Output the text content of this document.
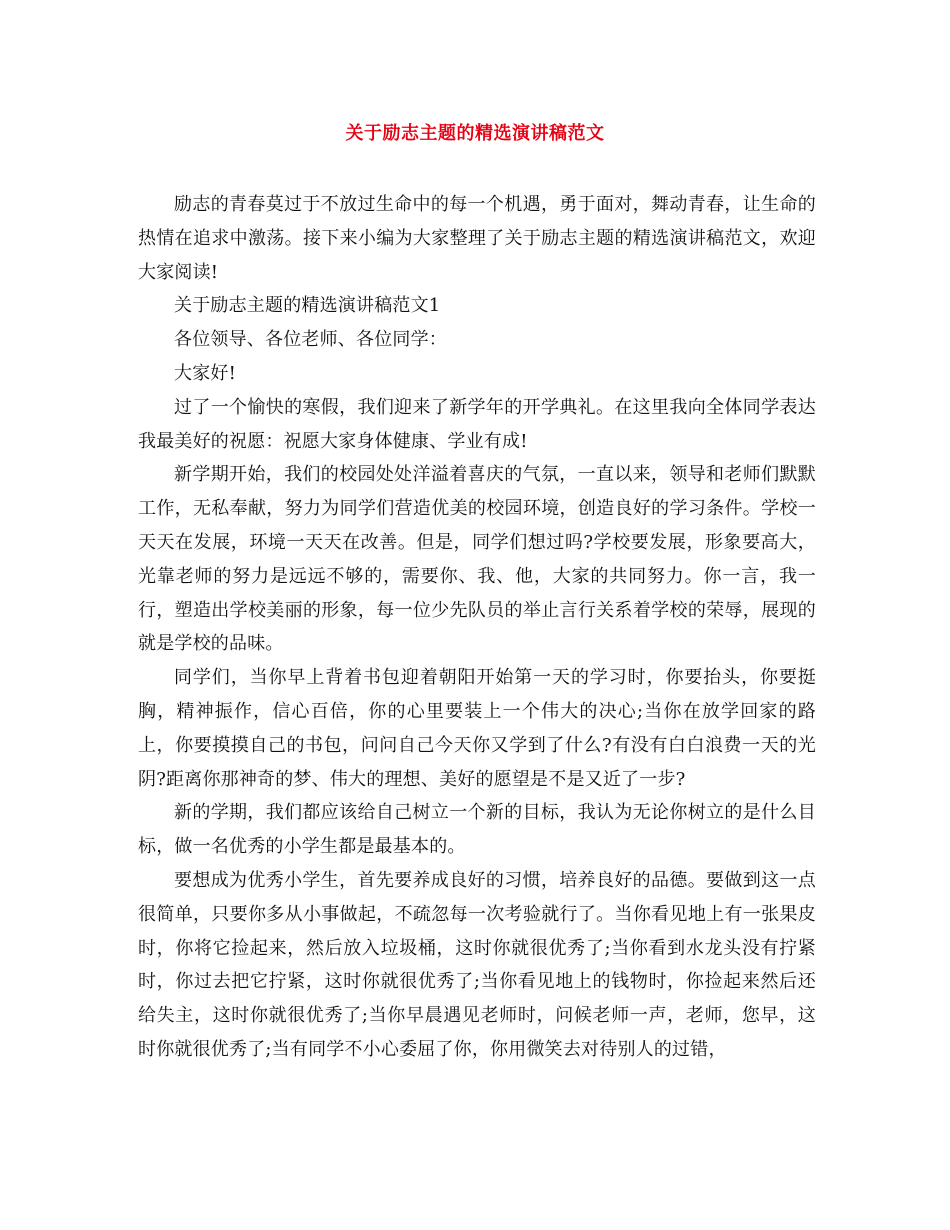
关于励志主题的精选演讲稿范文

励志的青春莫过于不放过生命中的每一个机遇，勇于面对，舞动青春，让生命的热情在追求中激荡。接下来小编为大家整理了关于励志主题的精选演讲稿范文，欢迎大家阅读!

关于励志主题的精选演讲稿范文1

各位领导、各位老师、各位同学：

大家好!

过了一个愉快的寒假，我们迎来了新学年的开学典礼。在这里我向全体同学表达我最美好的祝愿：祝愿大家身体健康、学业有成!

新学期开始，我们的校园处处洋溢着喜庆的气氛，一直以来，领导和老师们默默工作，无私奉献，努力为同学们营造优美的校园环境，创造良好的学习条件。学校一天天在发展，环境一天天在改善。但是，同学们想过吗?学校要发展，形象要高大，光靠老师的努力是远远不够的，需要你、我、他，大家的共同努力。你一言，我一行，塑造出学校美丽的形象，每一位少先队员的举止言行关系着学校的荣辱，展现的就是学校的品味。

同学们，当你早上背着书包迎着朝阳开始第一天的学习时，你要抬头，你要挺胸，精神振作，信心百倍，你的心里要装上一个伟大的决心;当你在放学回家的路上，你要摸摸自己的书包，问问自己今天你又学到了什么?有没有白白浪费一天的光阴?距离你那神奇的梦、伟大的理想、美好的愿望是不是又近了一步?

新的学期，我们都应该给自己树立一个新的目标，我认为无论你树立的是什么目标，做一名优秀的小学生都是最基本的。

要想成为优秀小学生，首先要养成良好的习惯，培养良好的品德。要做到这一点很简单，只要你多从小事做起，不疏忽每一次考验就行了。当你看见地上有一张果皮时，你将它捡起来，然后放入垃圾桶，这时你就很优秀了;当你看到水龙头没有拧紧时，你过去把它拧紧，这时你就很优秀了;当你看见地上的钱物时，你捡起来然后还给失主，这时你就很优秀了;当你早晨遇见老师时，问候老师一声，老师，您早，这时你就很优秀了;当有同学不小心委屈了你，你用微笑去对待别人的过错，
